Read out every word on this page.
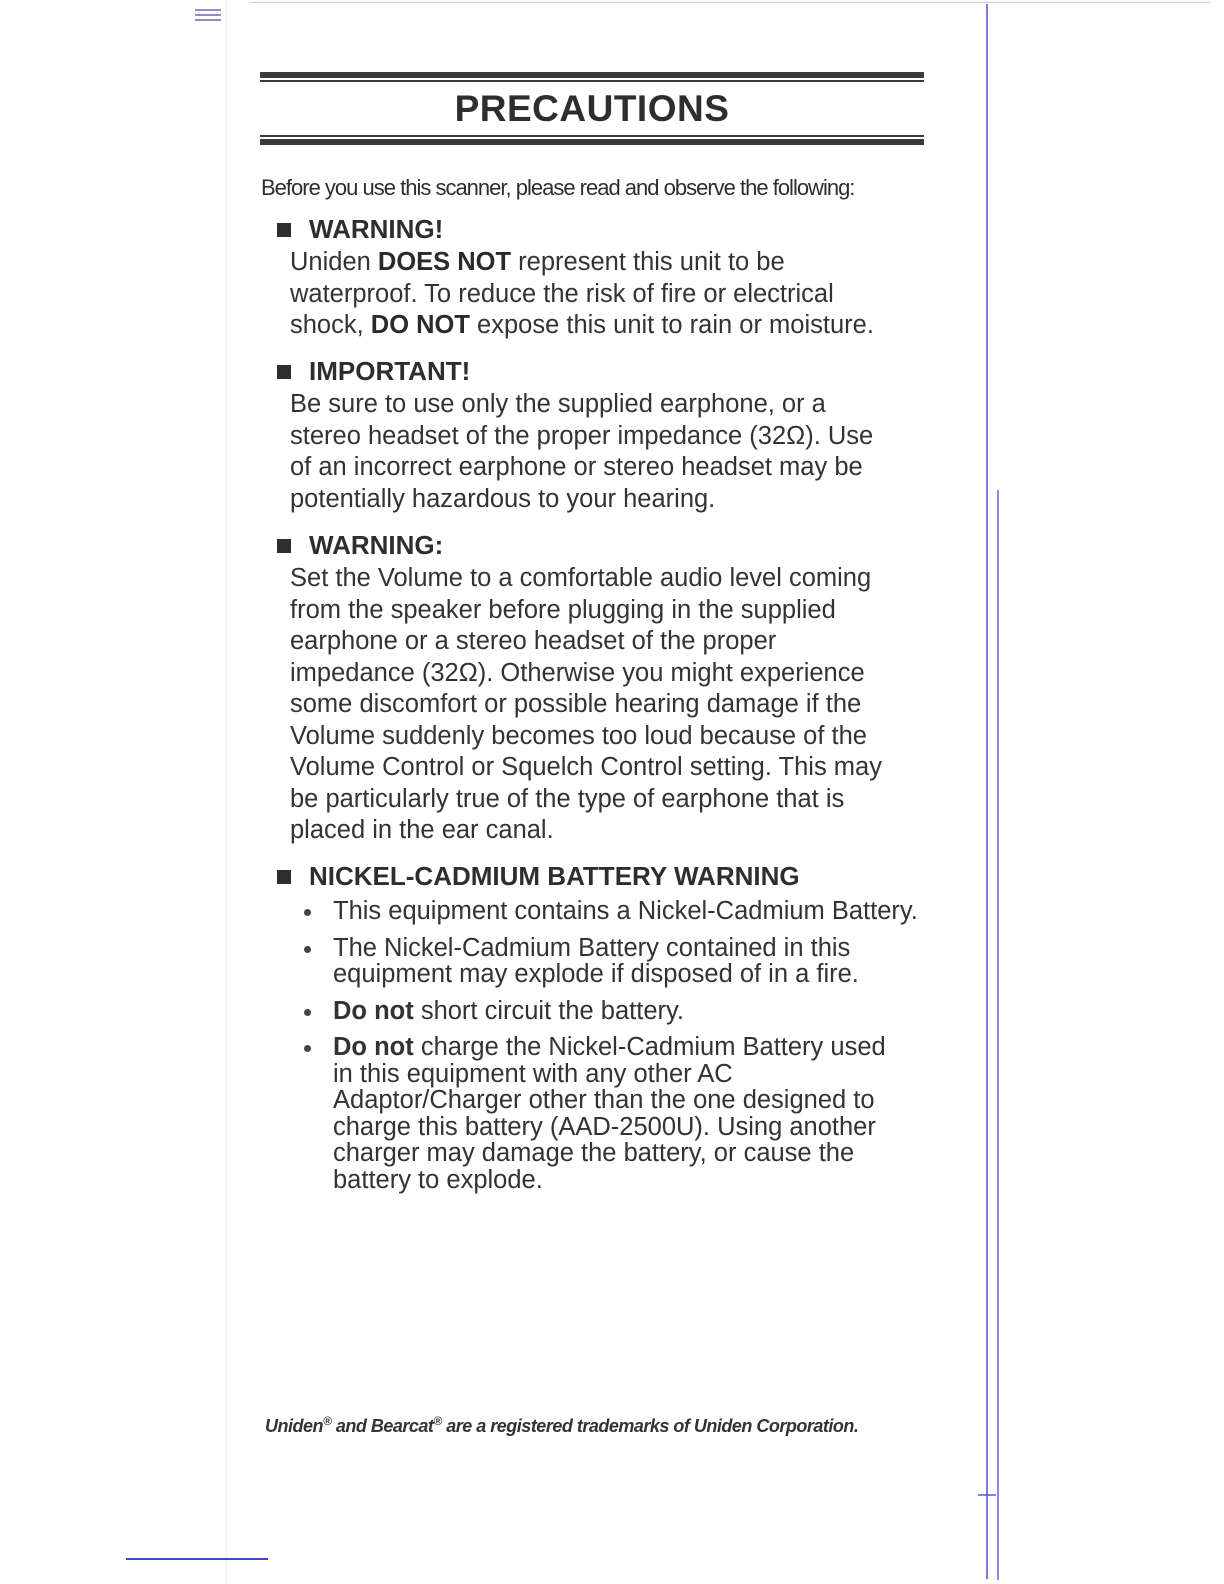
PRECAUTIONS
Before you use this scanner, please read and observe the following:
WARNING!
Uniden DOES NOT represent this unit to be
waterproof. To reduce the risk of fire or electrical
shock, DO NOT expose this unit to rain or moisture.
IMPORTANT!
Be sure to use only the supplied earphone, or a
stereo headset of the proper impedance (32Ω). Use
of an incorrect earphone or stereo headset may be
potentially hazardous to your hearing.
WARNING:
Set the Volume to a comfortable audio level coming
from the speaker before plugging in the supplied
earphone or a stereo headset of the proper
impedance (32Ω). Otherwise you might experience
some discomfort or possible hearing damage if the
Volume suddenly becomes too loud because of the
Volume Control or Squelch Control setting. This may
be particularly true of the type of earphone that is
placed in the ear canal.
NICKEL-CADMIUM BATTERY WARNING
This equipment contains a Nickel-Cadmium Battery.
The Nickel-Cadmium Battery contained in this
equipment may explode if disposed of in a fire.
Do not short circuit the battery.
Do not charge the Nickel-Cadmium Battery used
in this equipment with any other AC
Adaptor/Charger other than the one designed to
charge this battery (AAD-2500U). Using another
charger may damage the battery, or cause the
battery to explode.
Uniden® and Bearcat® are a registered trademarks of Uniden Corporation.
